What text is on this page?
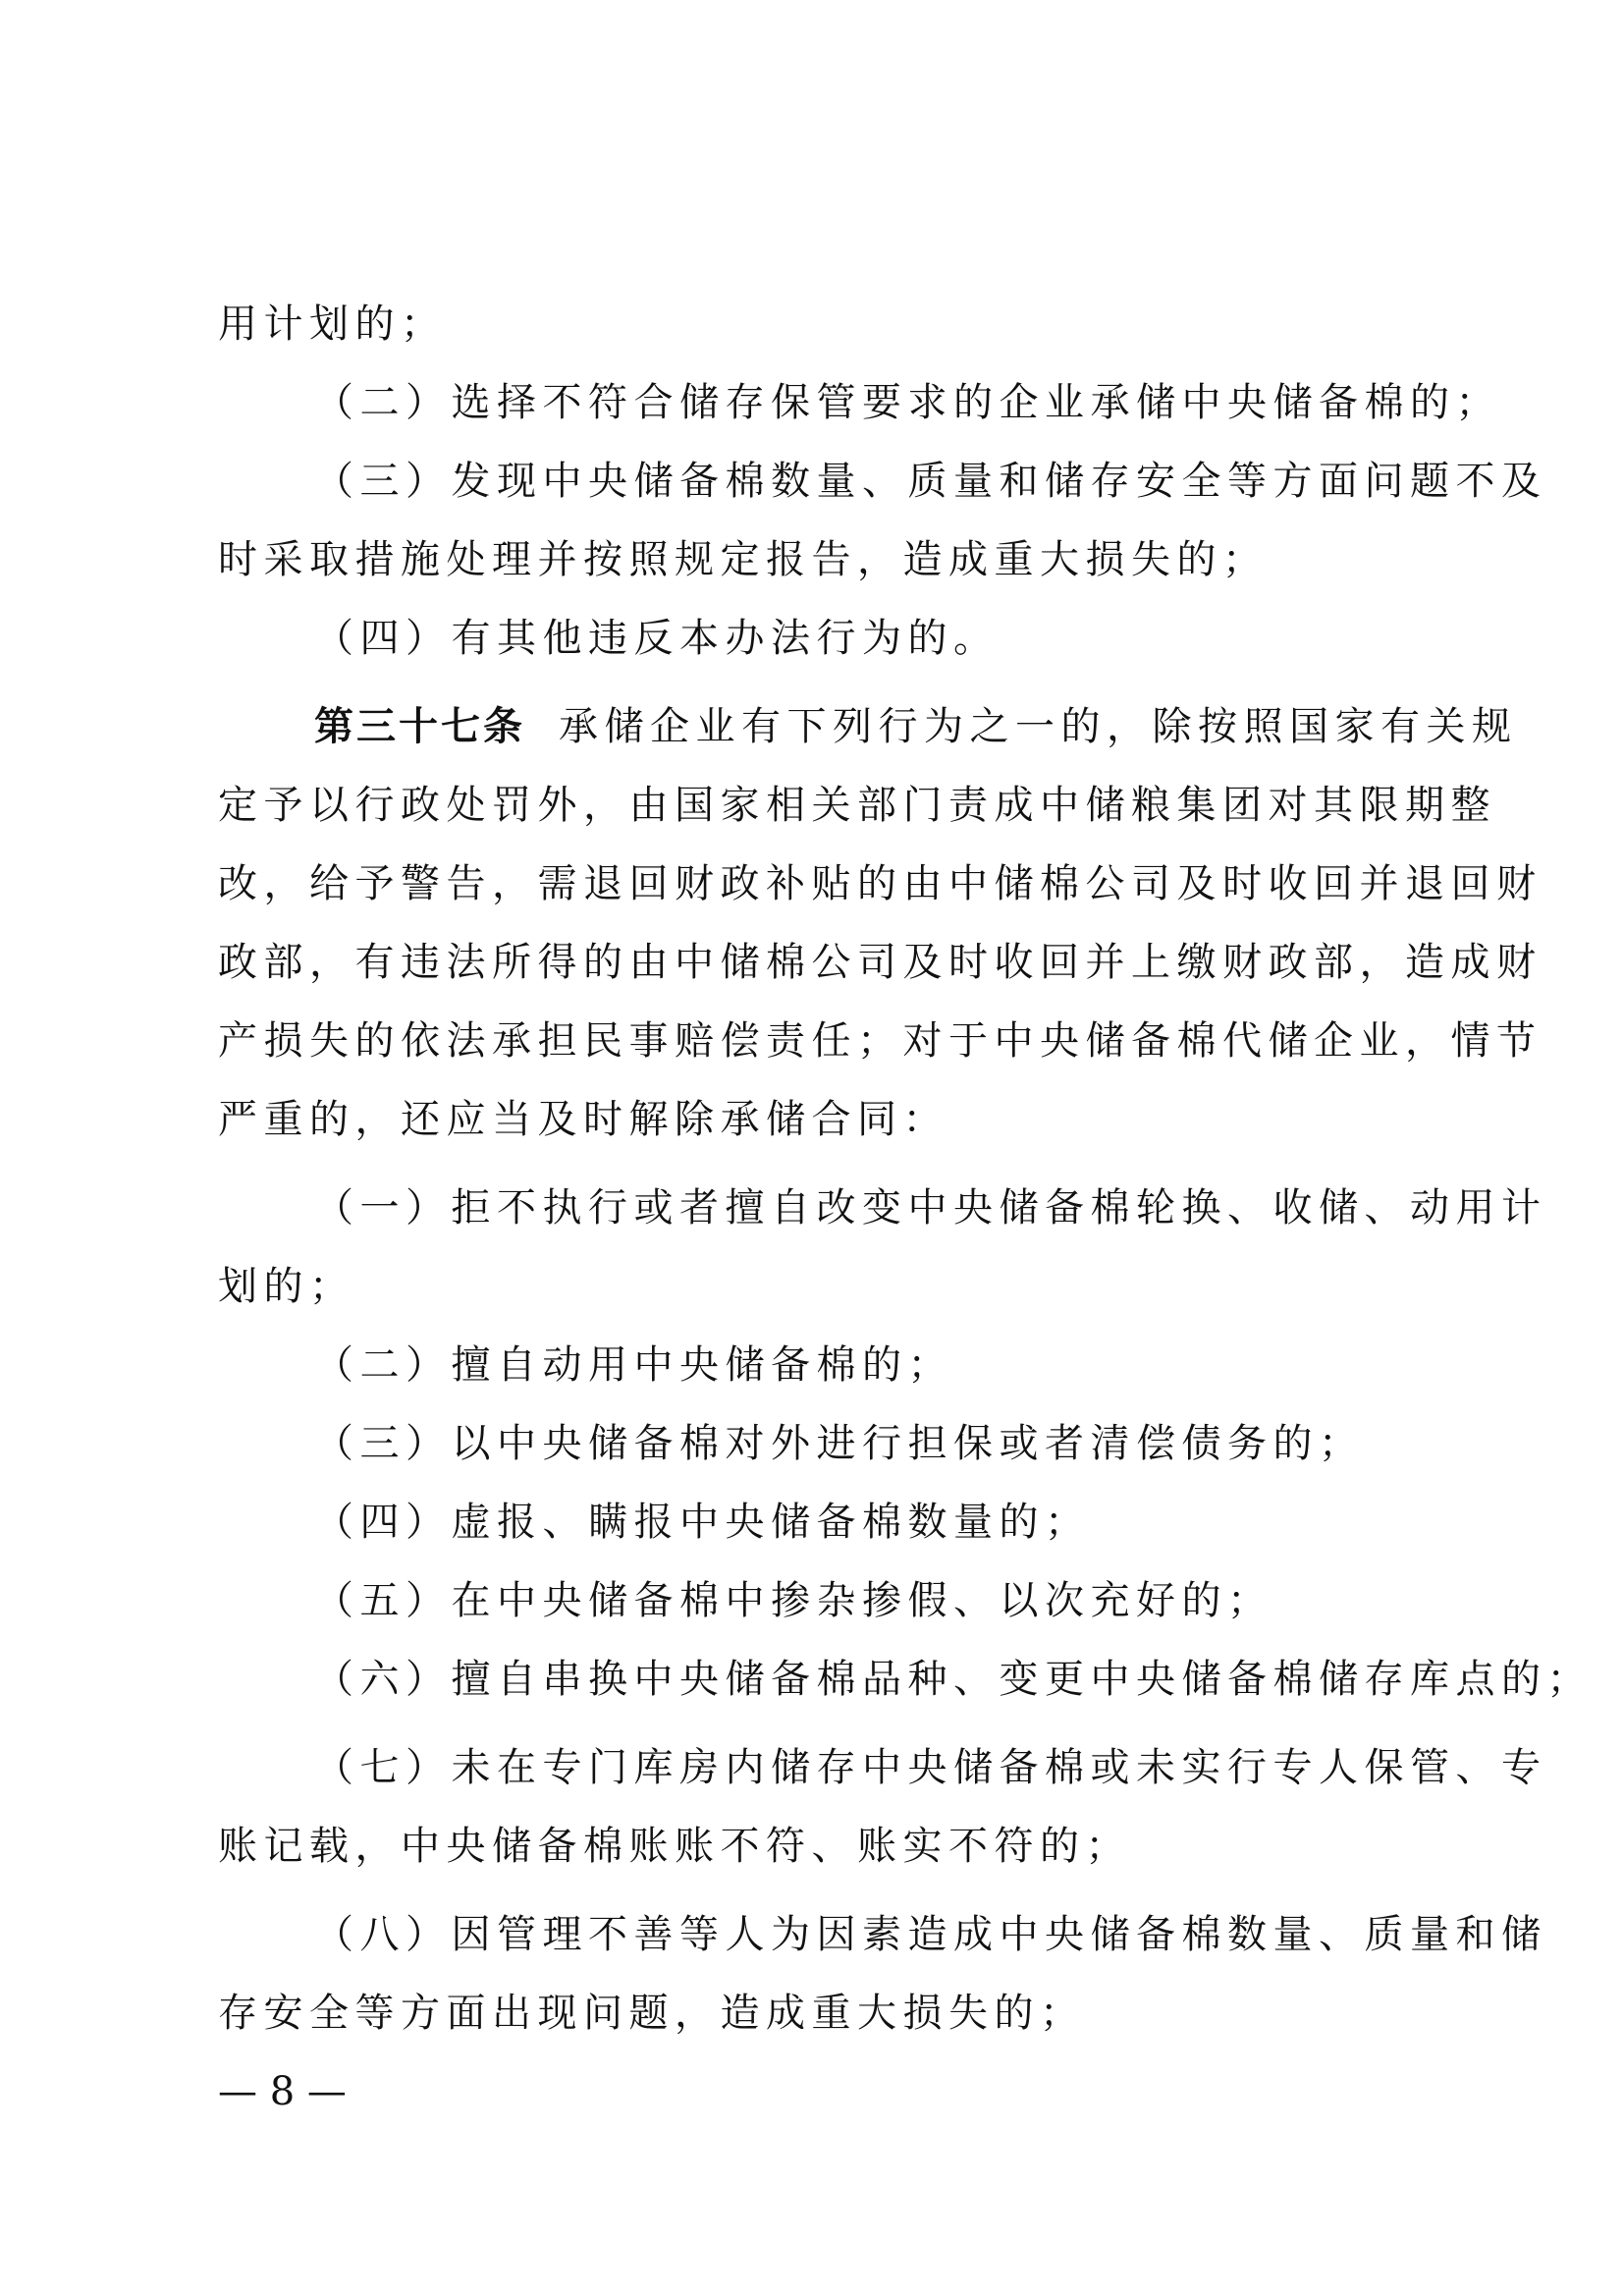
用计划的；
（二）选择不符合储存保管要求的企业承储中央储备棉的；
（三）发现中央储备棉数量、质量和储存安全等方面问题不及
时采取措施处理并按照规定报告，造成重大损失的；
（四）有其他违反本办法行为的。
第三十七条 承储企业有下列行为之一的，除按照国家有关规
定予以行政处罚外，由国家相关部门责成中储粮集团对其限期整
改，给予警告，需退回财政补贴的由中储棉公司及时收回并退回财
政部，有违法所得的由中储棉公司及时收回并上缴财政部，造成财
产损失的依法承担民事赔偿责任；对于中央储备棉代储企业，情节
严重的，还应当及时解除承储合同：
（一）拒不执行或者擅自改变中央储备棉轮换、收储、动用计
划的；
（二）擅自动用中央储备棉的；
（三）以中央储备棉对外进行担保或者清偿债务的；
（四）虚报、瞒报中央储备棉数量的；
（五）在中央储备棉中掺杂掺假、以次充好的；
（六）擅自串换中央储备棉品种、变更中央储备棉储存库点的；
（七）未在专门库房内储存中央储备棉或未实行专人保管、专
账记载，中央储备棉账账不符、账实不符的；
（八）因管理不善等人为因素造成中央储备棉数量、质量和储
存安全等方面出现问题，造成重大损失的；
— 8 —
